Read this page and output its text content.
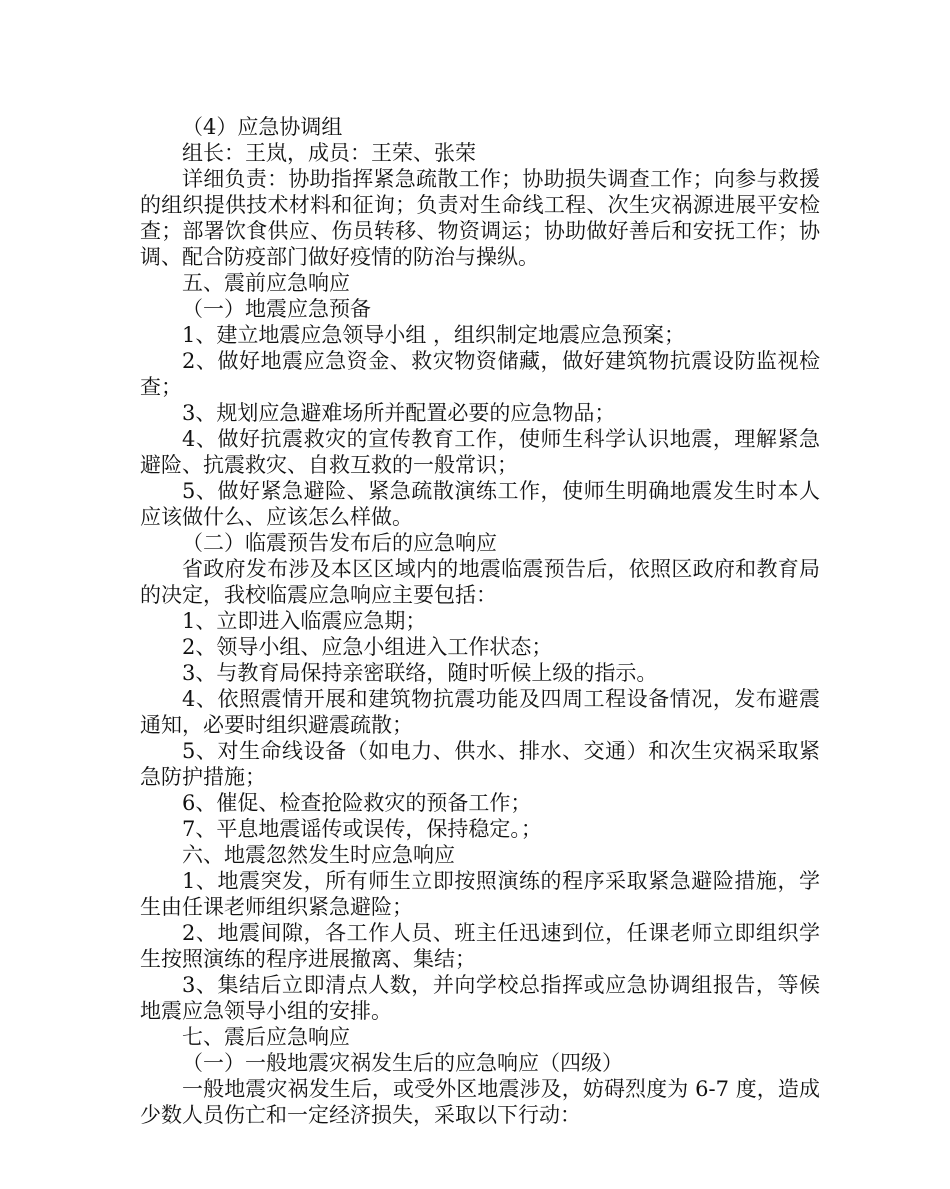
（4）应急协调组

组长：王岚，成员：王荣、张荣

详细负责：协助指挥紧急疏散工作；协助损失调查工作；向参与救援的组织提供技术材料和征询；负责对生命线工程、次生灾祸源进展平安检查；部署饮食供应、伤员转移、物资调运；协助做好善后和安抚工作；协调、配合防疫部门做好疫情的防治与操纵。

五、震前应急响应

（一）地震应急预备

1、建立地震应急领导小组 ，组织制定地震应急预案；

2、做好地震应急资金、救灾物资储藏，做好建筑物抗震设防监视检查；

3、规划应急避难场所并配置必要的应急物品；

4、做好抗震救灾的宣传教育工作，使师生科学认识地震，理解紧急避险、抗震救灾、自救互救的一般常识；

5、做好紧急避险、紧急疏散演练工作，使师生明确地震发生时本人应该做什么、应该怎么样做。

（二）临震预告发布后的应急响应

省政府发布涉及本区区域内的地震临震预告后，依照区政府和教育局的决定，我校临震应急响应主要包括：

1、立即进入临震应急期；

2、领导小组、应急小组进入工作状态；

3、与教育局保持亲密联络，随时听候上级的指示。

4、依照震情开展和建筑物抗震功能及四周工程设备情况，发布避震通知，必要时组织避震疏散；

5、对生命线设备（如电力、供水、排水、交通）和次生灾祸采取紧急防护措施；

6、催促、检查抢险救灾的预备工作；

7、平息地震谣传或误传，保持稳定。；

六、地震忽然发生时应急响应

1、地震突发，所有师生立即按照演练的程序采取紧急避险措施，学生由任课老师组织紧急避险；

2、地震间隙，各工作人员、班主任迅速到位，任课老师立即组织学生按照演练的程序进展撤离、集结；

3、集结后立即清点人数，并向学校总指挥或应急协调组报告，等候地震应急领导小组的安排。

七、震后应急响应

（一）一般地震灾祸发生后的应急响应（四级）

一般地震灾祸发生后，或受外区地震涉及，妨碍烈度为 6-7 度，造成少数人员伤亡和一定经济损失，采取以下行动：
